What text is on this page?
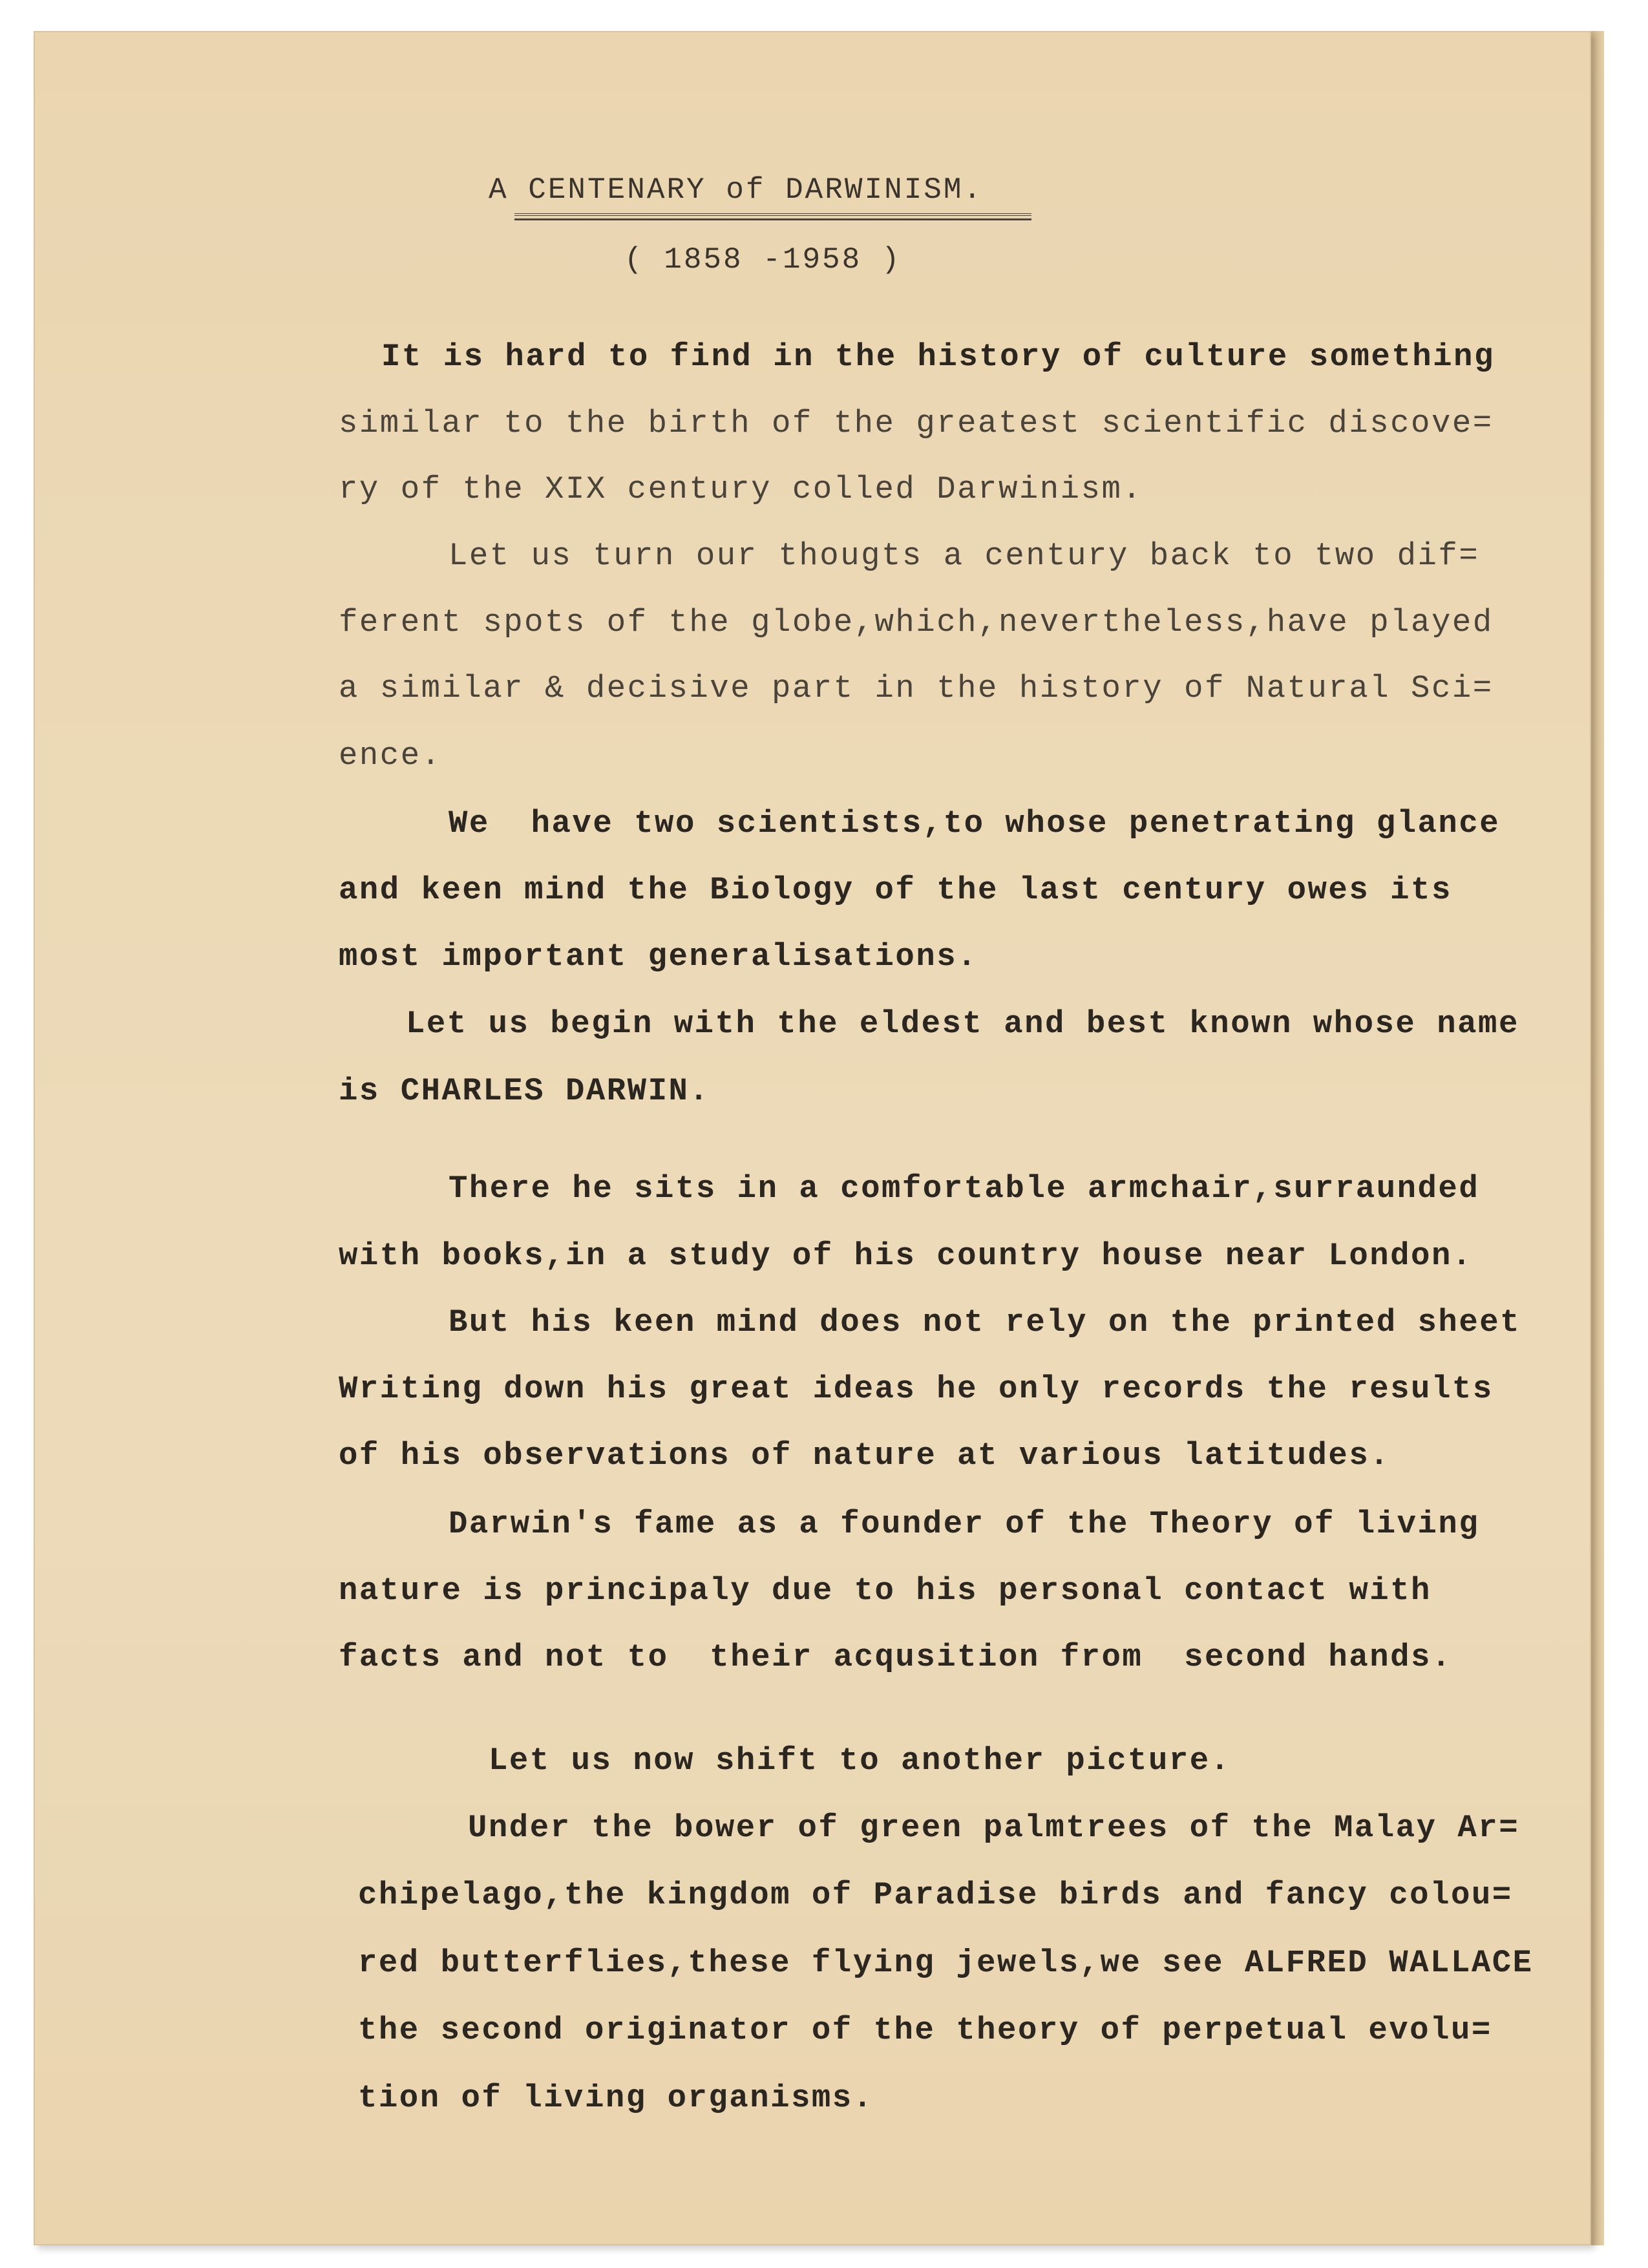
A CENTENARY of DARWINISM.
( 1858 -1958 )
It is hard to find in the history of culture something
similar to the birth of the greatest scientific discove=
ry of the XIX century colled Darwinism.
Let us turn our thougts a century back to two dif=
ferent spots of the globe,which,nevertheless,have played
a similar & decisive part in the history of Natural Sci=
ence.
We  have two scientists,to whose penetrating glance
and keen mind the Biology of the last century owes its
most important generalisations.
Let us begin with the eldest and best known whose name
is CHARLES DARWIN.
There he sits in a comfortable armchair,surraunded
with books,in a study of his country house near London.
But his keen mind does not rely on the printed sheet
Writing down his great ideas he only records the results
of his observations of nature at various latitudes.
Darwin's fame as a founder of the Theory of living
nature is principaly due to his personal contact with
facts and not to  their acqusition from  second hands.
Let us now shift to another picture.
Under the bower of green palmtrees of the Malay Ar=
chipelago,the kingdom of Paradise birds and fancy colou=
red butterflies,these flying jewels,we see ALFRED WALLACE
the second originator of the theory of perpetual evolu=
tion of living organisms.
